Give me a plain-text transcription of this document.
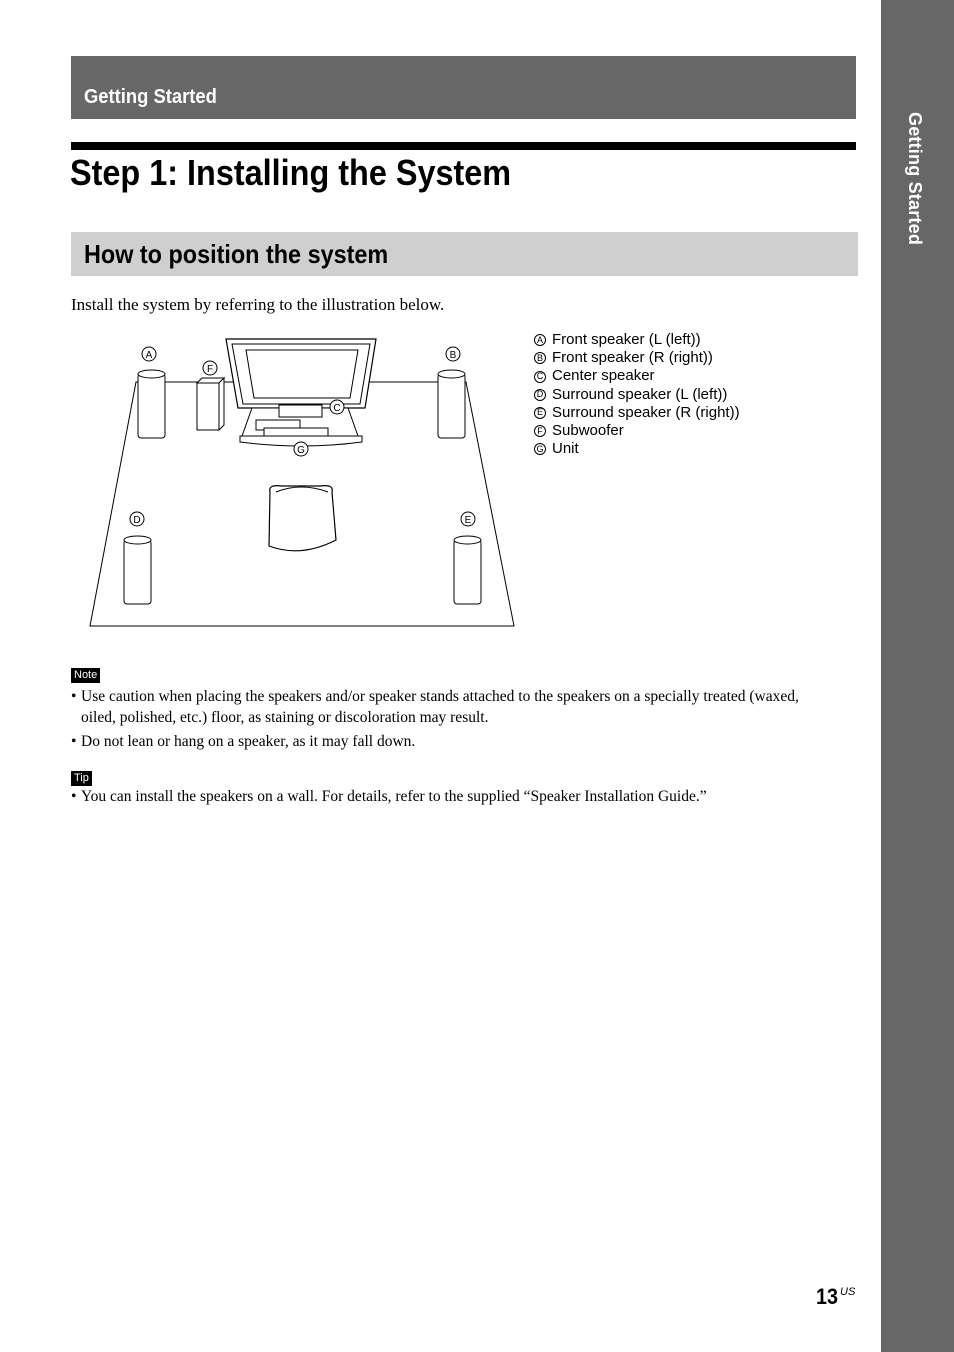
Getting Started
Getting Started
Step 1: Installing the System
How to position the system
Install the system by referring to the illustration below.
A	B
C
D	E
F
G
A Front speaker (L (left))
B Front speaker (R (right))
C Center speaker
D Surround speaker (L (left))
E Surround speaker (R (right))
F Subwoofer
G Unit
Note
• Use caution when placing the speakers and/or speaker stands attached to the speakers on a specially treated (waxed,
oiled, polished, etc.) floor, as staining or discoloration may result.
• Do not lean or hang on a speaker, as it may fall down.
Tip
• You can install the speakers on a wall. For details, refer to the supplied “Speaker Installation Guide.”
13 US
